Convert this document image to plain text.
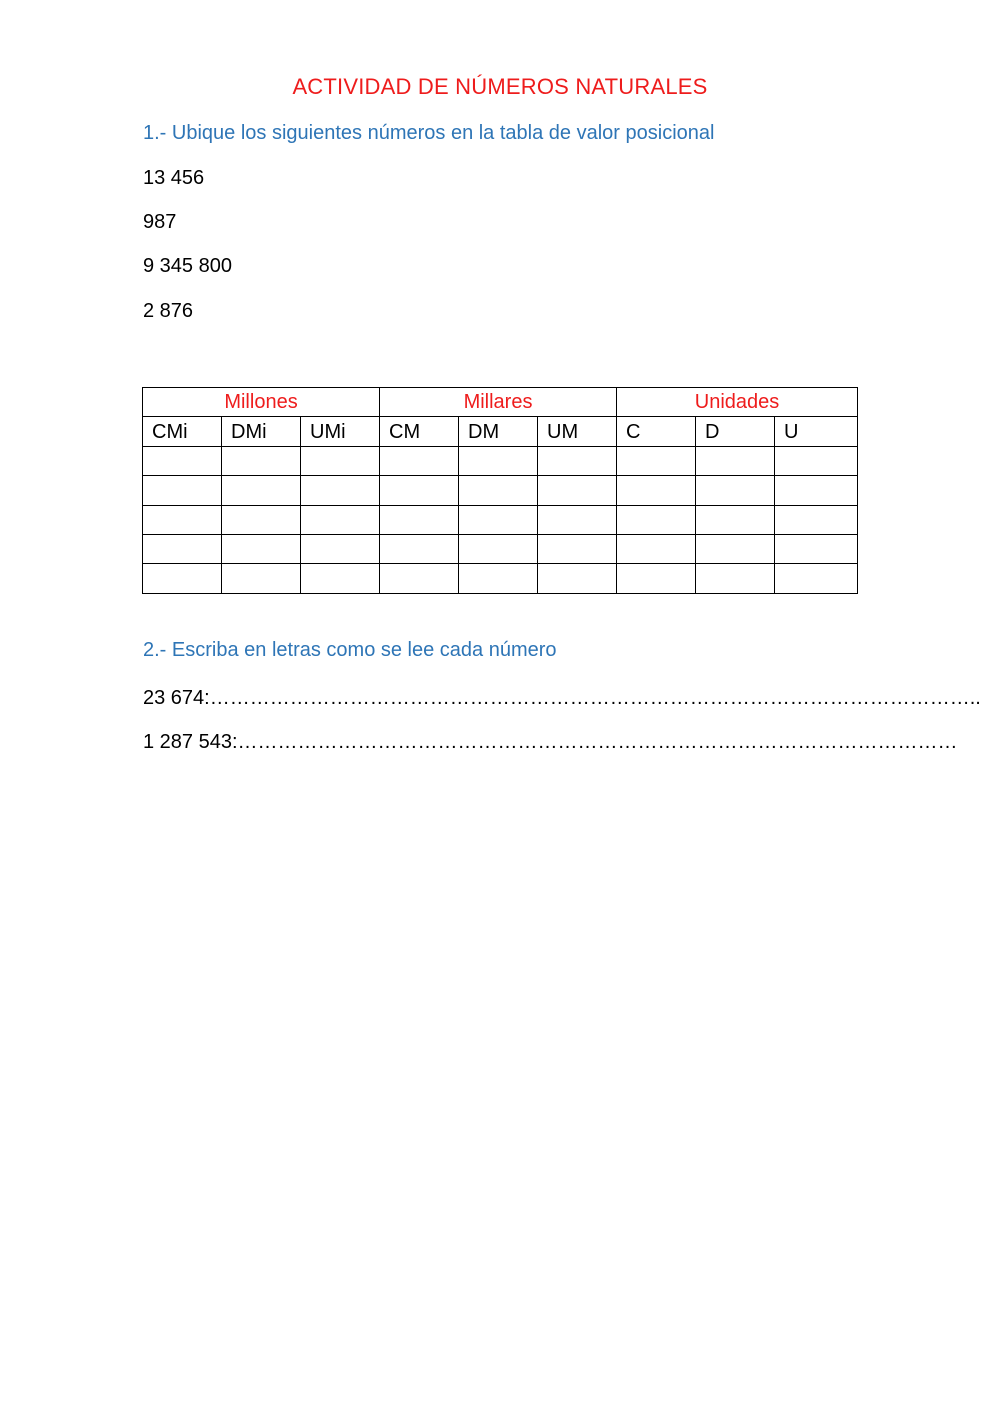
ACTIVIDAD DE NÚMEROS NATURALES
1.- Ubique los siguientes números en la tabla de valor posicional
13 456
987
9 345 800
2 876
Millones			Millares			Unidades		
CMi	DMi	UMi	CM	DM	UM	C	D	U

2.- Escriba en letras como se lee cada número
23 674:……………………………………………………………………………………………………..
1 287 543:………………………………………………………………………………………………
